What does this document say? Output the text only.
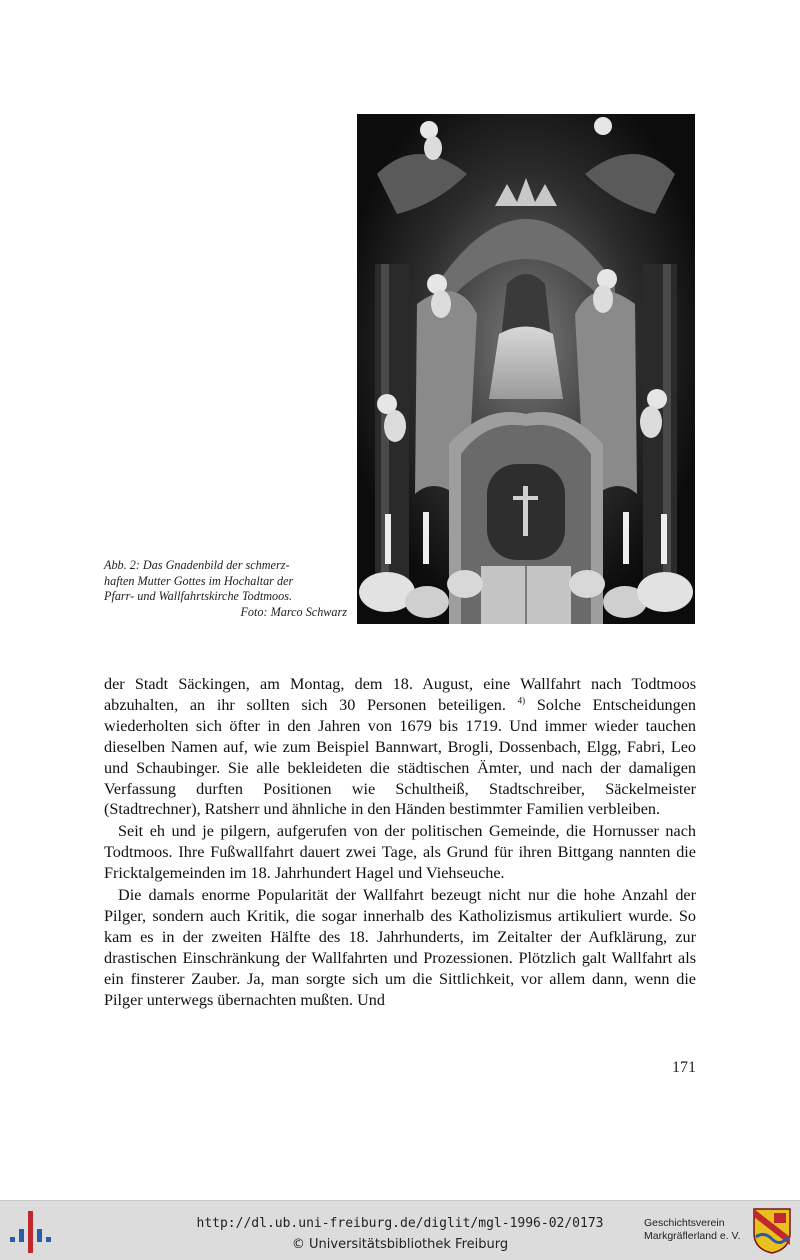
Abb. 2: Das Gnadenbild der schmerz-
haften Mutter Gottes im Hochaltar der
Pfarr- und Wallfahrtskirche Todtmoos.
Foto: Marco Schwarz

der Stadt Säckingen, am Montag, dem 18. August, eine Wallfahrt nach Todtmoos abzuhalten, an ihr sollten sich 30 Personen beteiligen. $^{4)}$ Solche Entscheidungen wiederholten sich öfter in den Jahren von 1679 bis 1719. Und immer wieder tauchen dieselben Namen auf, wie zum Beispiel Bannwart, Brogli, Dossenbach, Elgg, Fabri, Leo und Schaubinger. Sie alle bekleideten die städtischen Ämter, und nach der damaligen Verfassung durften Positionen wie Schultheiß, Stadtschreiber, Säckelmeister (Stadtrechner), Ratsherr und ähnliche in den Händen bestimmter Familien verbleiben.

Seit eh und je pilgern, aufgerufen von der politischen Gemeinde, die Hornusser nach Todtmoos. Ihre Fußwallfahrt dauert zwei Tage, als Grund für ihren Bittgang nannten die Fricktalgemeinden im 18. Jahrhundert Hagel und Viehseuche.

Die damals enorme Popularität der Wallfahrt bezeugt nicht nur die hohe Anzahl der Pilger, sondern auch Kritik, die sogar innerhalb des Katholizismus artikuliert wurde. So kam es in der zweiten Hälfte des 18. Jahrhunderts, im Zeitalter der Aufklärung, zur drastischen Einschränkung der Wallfahrten und Prozessionen. Plötzlich galt Wallfahrt als ein finsterer Zauber. Ja, man sorgte sich um die Sittlichkeit, vor allem dann, wenn die Pilger unterwegs übernachten mußten. Und

171
http://dl.ub.uni-freiburg.de/diglit/mgl-1996-02/0173
© Universitätsbibliothek Freiburg
Geschichtsverein
Markgräflerland e. V.
